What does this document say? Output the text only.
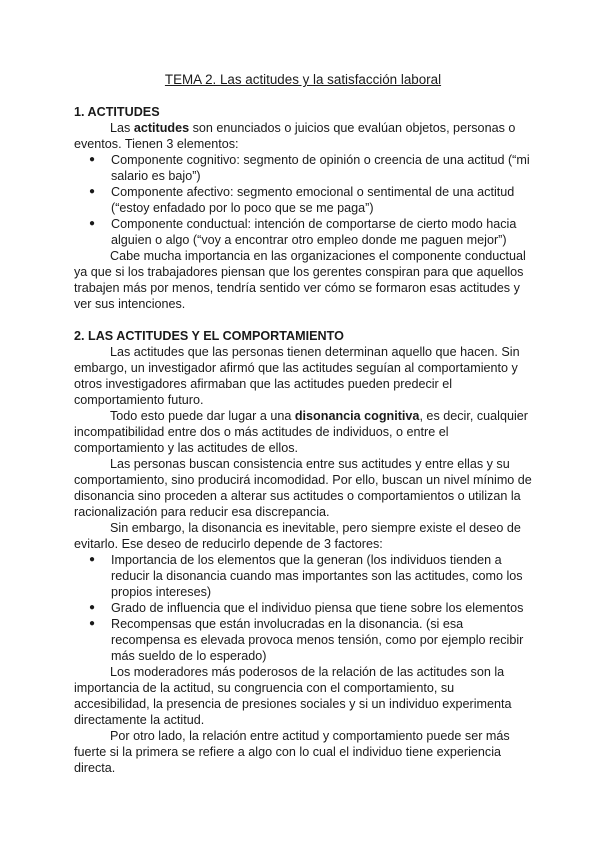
TEMA 2. Las actitudes y la satisfacción laboral
1. ACTITUDES

Las actitudes son enunciados o juicios que evalúan objetos, personas o eventos. Tienen 3 elementos:

● Componente cognitivo: segmento de opinión o creencia de una actitud (“mi salario es bajo”)
● Componente afectivo: segmento emocional o sentimental de una actitud (“estoy enfadado por lo poco que se me paga”)
● Componente conductual: intención de comportarse de cierto modo hacia alguien o algo (“voy a encontrar otro empleo donde me paguen mejor”)

Cabe mucha importancia en las organizaciones el componente conductual ya que si los trabajadores piensan que los gerentes conspiran para que aquellos trabajen más por menos, tendría sentido ver cómo se formaron esas actitudes y ver sus intenciones.

2. LAS ACTITUDES Y EL COMPORTAMIENTO

Las actitudes que las personas tienen determinan aquello que hacen. Sin embargo, un investigador afirmó que las actitudes seguían al comportamiento y otros investigadores afirmaban que las actitudes pueden predecir el comportamiento futuro.

Todo esto puede dar lugar a una disonancia cognitiva, es decir, cualquier incompatibilidad entre dos o más actitudes de individuos, o entre el comportamiento y las actitudes de ellos.

Las personas buscan consistencia entre sus actitudes y entre ellas y su comportamiento, sino producirá incomodidad. Por ello, buscan un nivel mínimo de disonancia sino proceden a alterar sus actitudes o comportamientos o utilizan la racionalización para reducir esa discrepancia.

Sin embargo, la disonancia es inevitable, pero siempre existe el deseo de evitarlo. Ese deseo de reducirlo depende de 3 factores:

● Importancia de los elementos que la generan (los individuos tienden a reducir la disonancia cuando mas importantes son las actitudes, como los propios intereses)
● Grado de influencia que el individuo piensa que tiene sobre los elementos
● Recompensas que están involucradas en la disonancia. (si esa recompensa es elevada provoca menos tensión, como por ejemplo recibir más sueldo de lo esperado)

Los moderadores más poderosos de la relación de las actitudes son la importancia de la actitud, su congruencia con el comportamiento, su accesibilidad, la presencia de presiones sociales y si un individuo experimenta directamente la actitud.

Por otro lado, la relación entre actitud y comportamiento puede ser más fuerte si la primera se refiere a algo con lo cual el individuo tiene experiencia directa.
